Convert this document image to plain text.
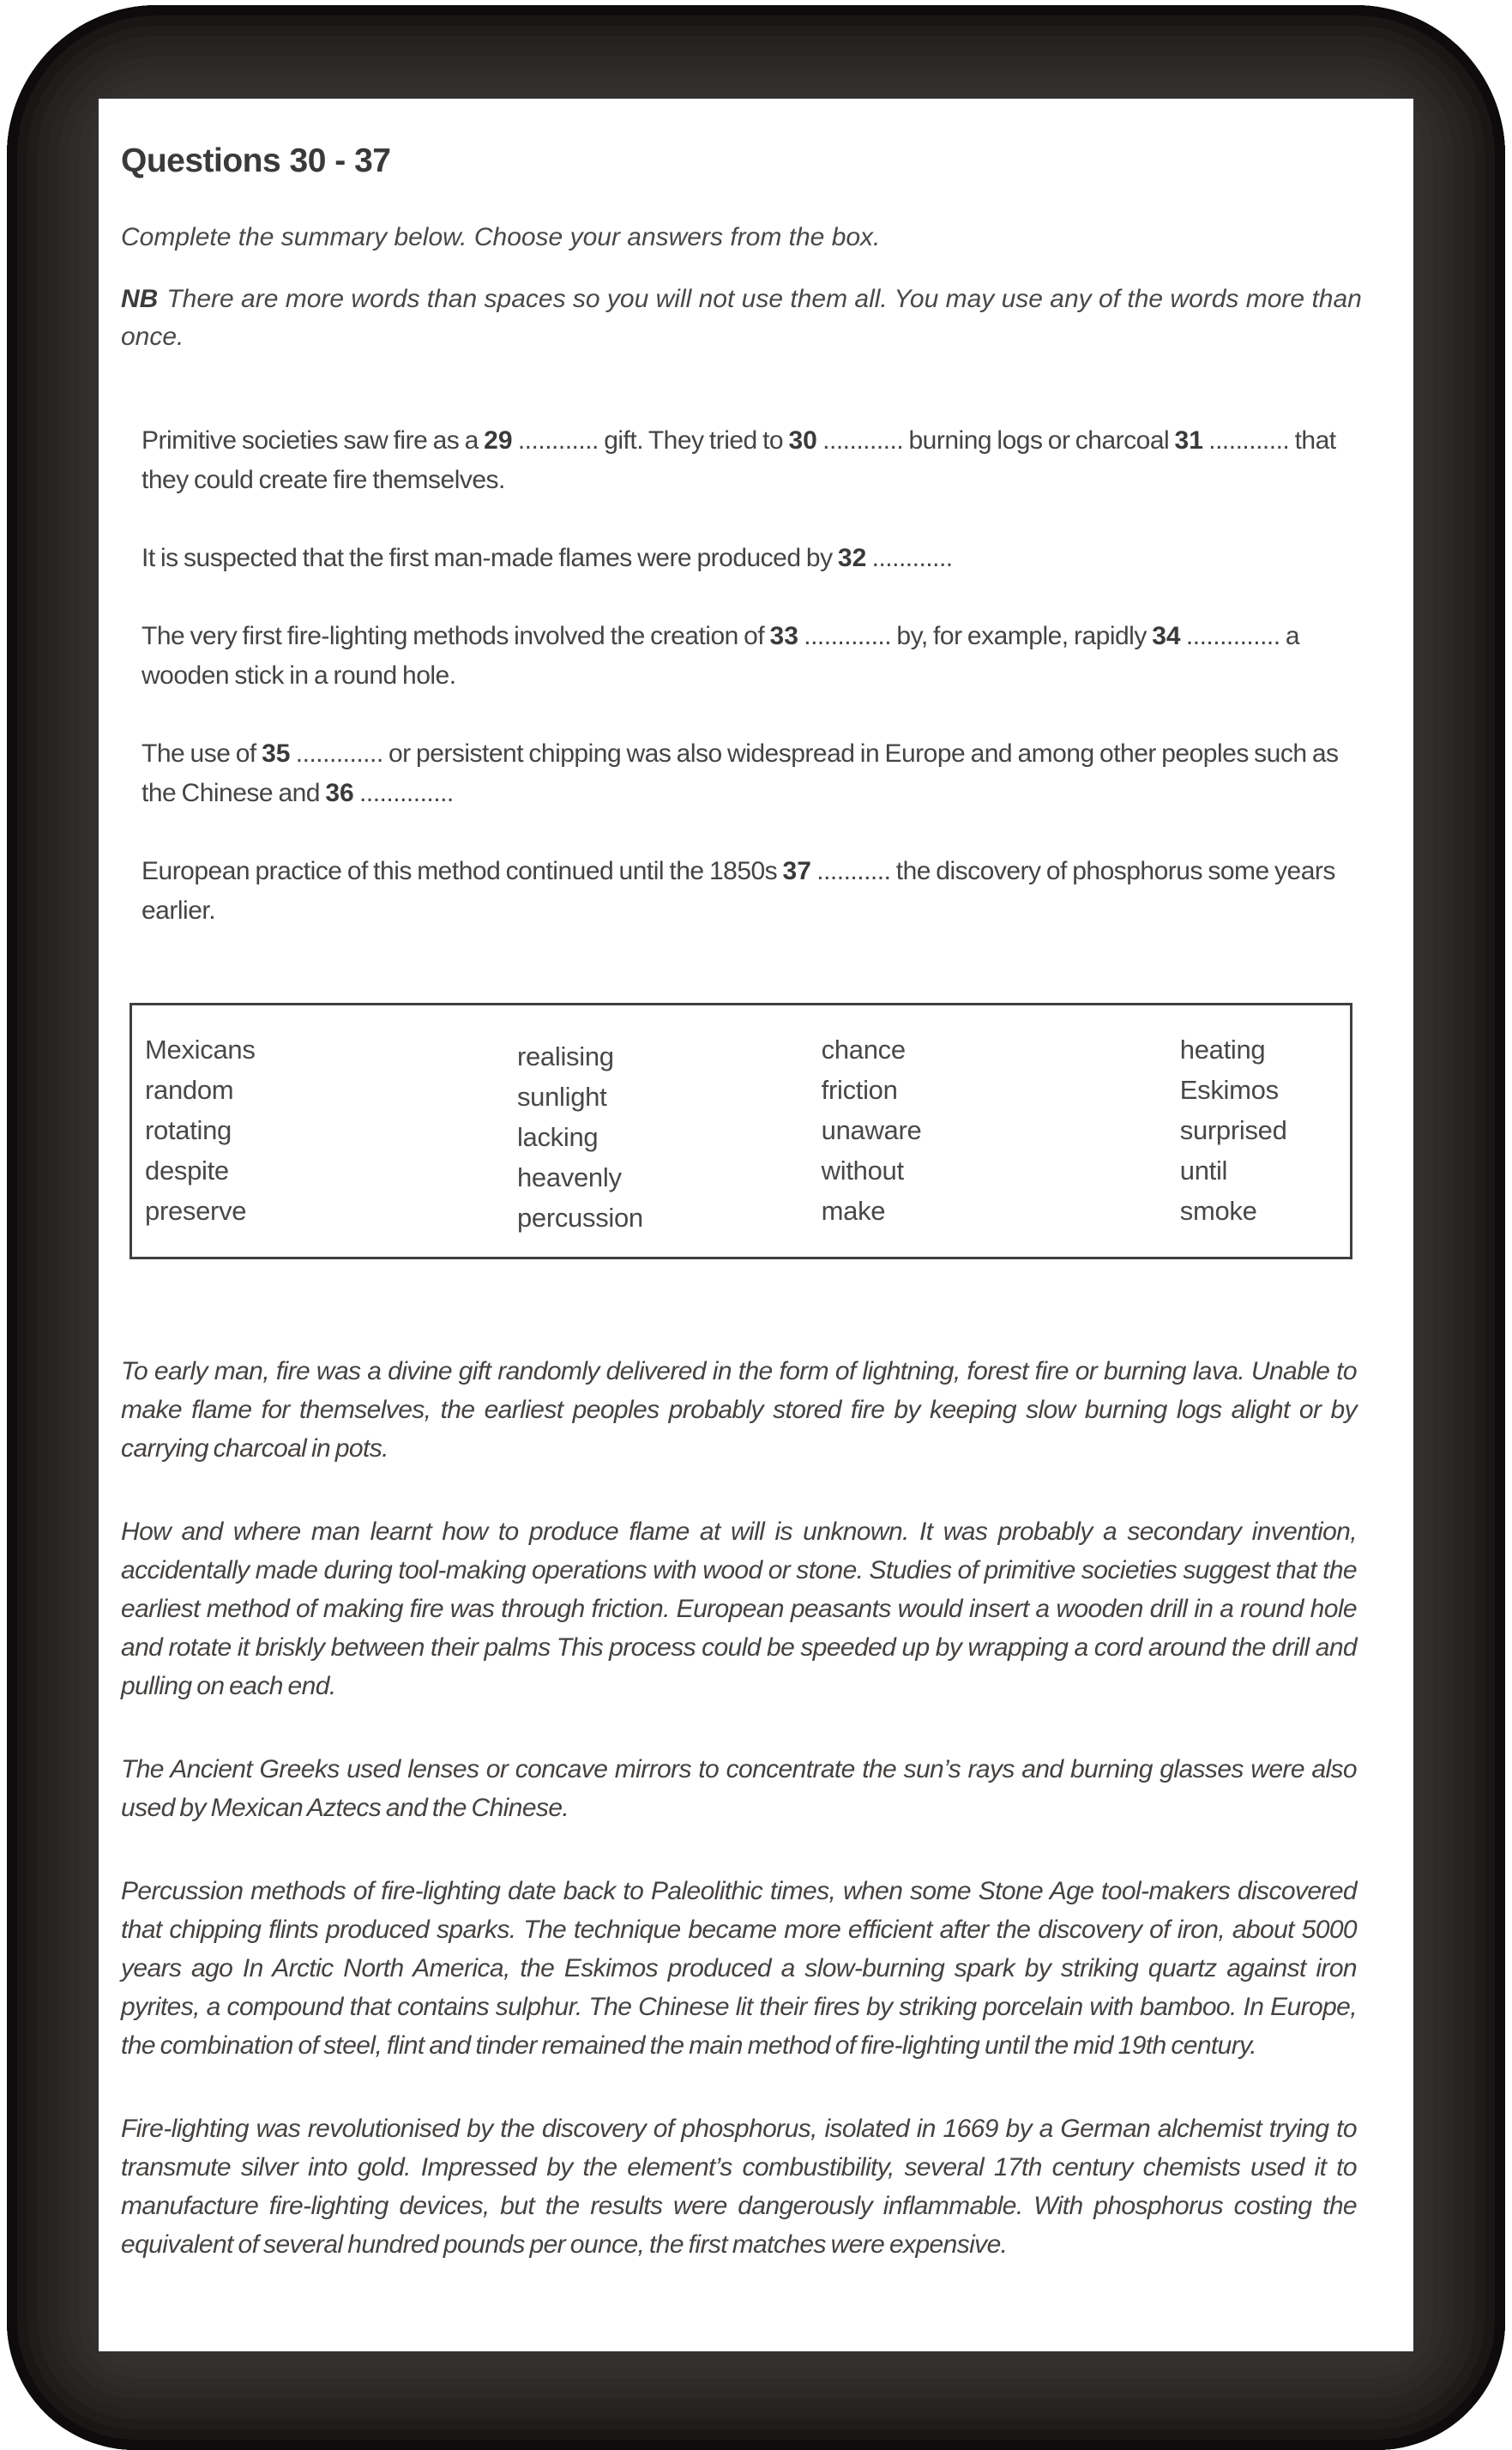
Questions 30 - 37

Complete the summary below. Choose your answers from the box.

NB There are more words than spaces so you will not use them all. You may use any of the words more than once.

Primitive societies saw fire as a 29 ............ gift. They tried to 30 ............ burning logs or charcoal 31 ............ that they could create fire themselves.

It is suspected that the first man-made flames were produced by 32 ............

The very first fire-lighting methods involved the creation of 33 ............. by, for example, rapidly 34 .............. a wooden stick in a round hole.

The use of 35 ............. or persistent chipping was also widespread in Europe and among other peoples such as the Chinese and 36 ..............

European practice of this method continued until the 1850s 37 ........... the discovery of phosphorus some years earlier.

Mexicans
random
rotating
despite
preserve
realising
sunlight
lacking
heavenly
percussion
chance
friction
unaware
without
make
heating
Eskimos
surprised
until
smoke

To early man, fire was a divine gift randomly delivered in the form of lightning, forest fire or burning lava. Unable to make flame for themselves, the earliest peoples probably stored fire by keeping slow burning logs alight or by carrying charcoal in pots.

How and where man learnt how to produce flame at will is unknown. It was probably a secondary invention, accidentally made during tool-making operations with wood or stone. Studies of primitive societies suggest that the earliest method of making fire was through friction. European peasants would insert a wooden drill in a round hole and rotate it briskly between their palms This process could be speeded up by wrapping a cord around the drill and pulling on each end.

The Ancient Greeks used lenses or concave mirrors to concentrate the sun’s rays and burning glasses were also used by Mexican Aztecs and the Chinese.

Percussion methods of fire-lighting date back to Paleolithic times, when some Stone Age tool-makers discovered that chipping flints produced sparks. The technique became more efficient after the discovery of iron, about 5000 years ago In Arctic North America, the Eskimos produced a slow-burning spark by striking quartz against iron pyrites, a compound that contains sulphur. The Chinese lit their fires by striking porcelain with bamboo. In Europe, the combination of steel, flint and tinder remained the main method of fire-lighting until the mid 19th century.

Fire-lighting was revolutionised by the discovery of phosphorus, isolated in 1669 by a German alchemist trying to transmute silver into gold. Impressed by the element’s combustibility, several 17th century chemists used it to manufacture fire-lighting devices, but the results were dangerously inflammable. With phosphorus costing the equivalent of several hundred pounds per ounce, the first matches were expensive.
